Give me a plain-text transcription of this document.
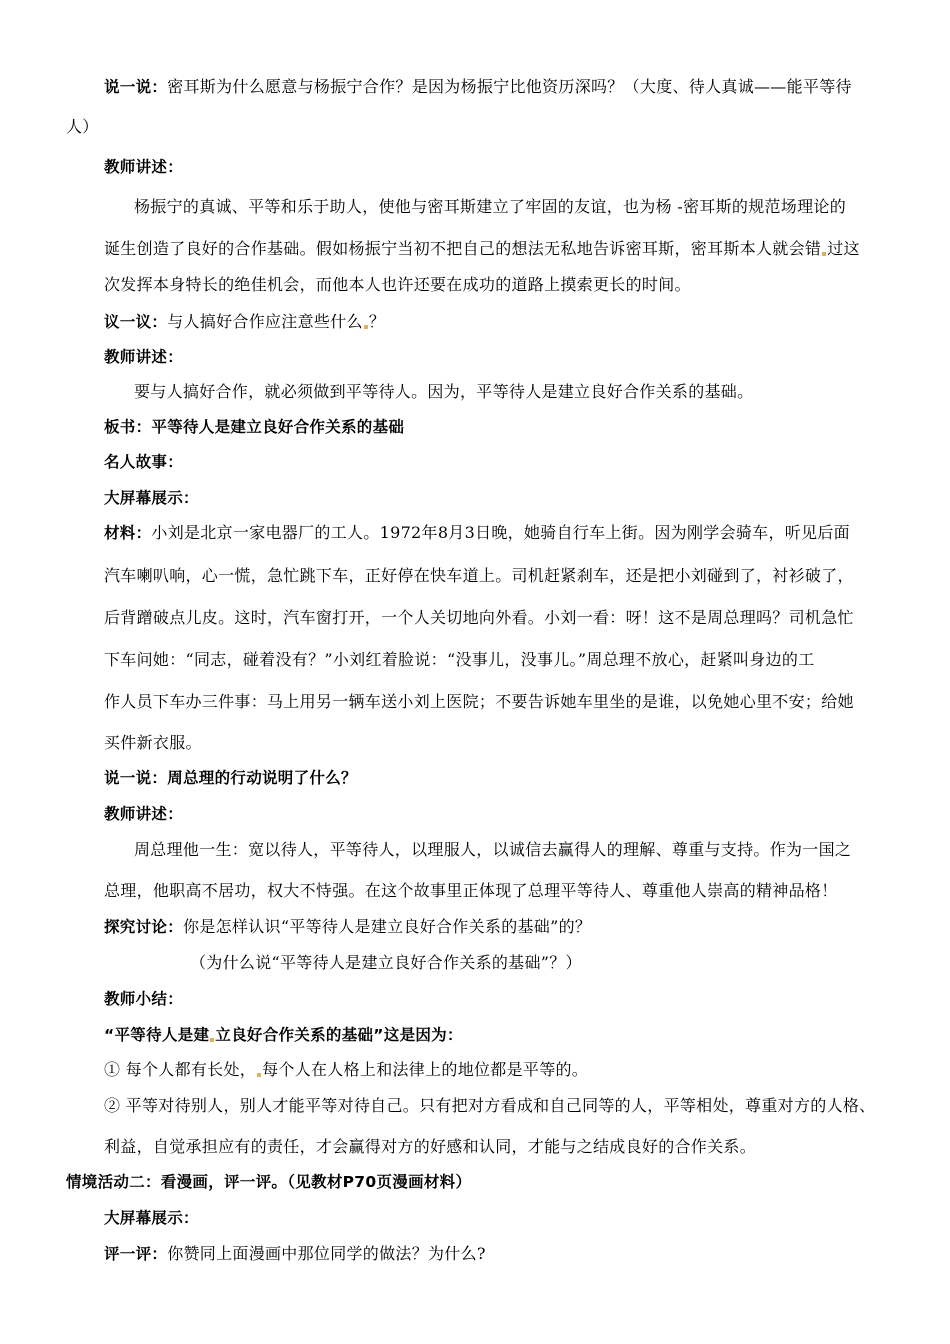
说一说：密耳斯为什么愿意与杨振宁合作？是因为杨振宁比他资历深吗？（大度、待人真诚——能平等待
人）
教师讲述：
杨振宁的真诚、平等和乐于助人，使他与密耳斯建立了牢固的友谊，也为杨 -密耳斯的规范场理论的
诞生创造了良好的合作基础。假如杨振宁当初不把自己的想法无私地告诉密耳斯，密耳斯本人就会错 过这
次发挥本身特长的绝佳机会，而他本人也许还要在成功的道路上摸索更长的时间。
议一议：与人搞好合作应注意些什么 ？
教师讲述：
要与人搞好合作，就必须做到平等待人。因为，平等待人是建立良好合作关系的基础。
板书：平等待人是建立良好合作关系的基础
名人故事：
大屏幕展示：
材料：小刘是北京一家电器厂的工人。1972年8月3日晚，她骑自行车上街。因为刚学会骑车，听见后面
汽车喇叭响，心一慌，急忙跳下车，正好停在快车道上。司机赶紧刹车，还是把小刘碰到了，衬衫破了，
后背蹭破点儿皮。这时，汽车窗打开，一个人关切地向外看。小刘一看：呀！这不是周总理吗？司机急忙
下车问她：“同志，碰着没有？”小刘红着脸说：“没事儿，没事儿。”周总理不放心，赶紧叫身边的工
作人员下车办三件事：马上用另一辆车送小刘上医院；不要告诉她车里坐的是谁，以免她心里不安；给她
买件新衣服。
说一说：周总理的行动说明了什么？
教师讲述：
周总理他一生：宽以待人，平等待人，以理服人，以诚信去赢得人的理解、尊重与支持。作为一国之
总理，他职高不居功，权大不恃强。在这个故事里正体现了总理平等待人、尊重他人崇高的精神品格！
探究讨论：你是怎样认识“平等待人是建立良好合作关系的基础”的？
（为什么说“平等待人是建立良好合作关系的基础”？）
教师小结：
“平等待人是建 立良好合作关系的基础”这是因为：
① 每个人都有长处， 每个人在人格上和法律上的地位都是平等的。
② 平等对待别人，别人才能平等对待自己。只有把对方看成和自己同等的人，平等相处，尊重对方的人格、
利益，自觉承担应有的责任，才会赢得对方的好感和认同，才能与之结成良好的合作关系。
情境活动二：看漫画，评一评。（见教材P70页漫画材料）
大屏幕展示：
评一评：你赞同上面漫画中那位同学的做法？为什么?
